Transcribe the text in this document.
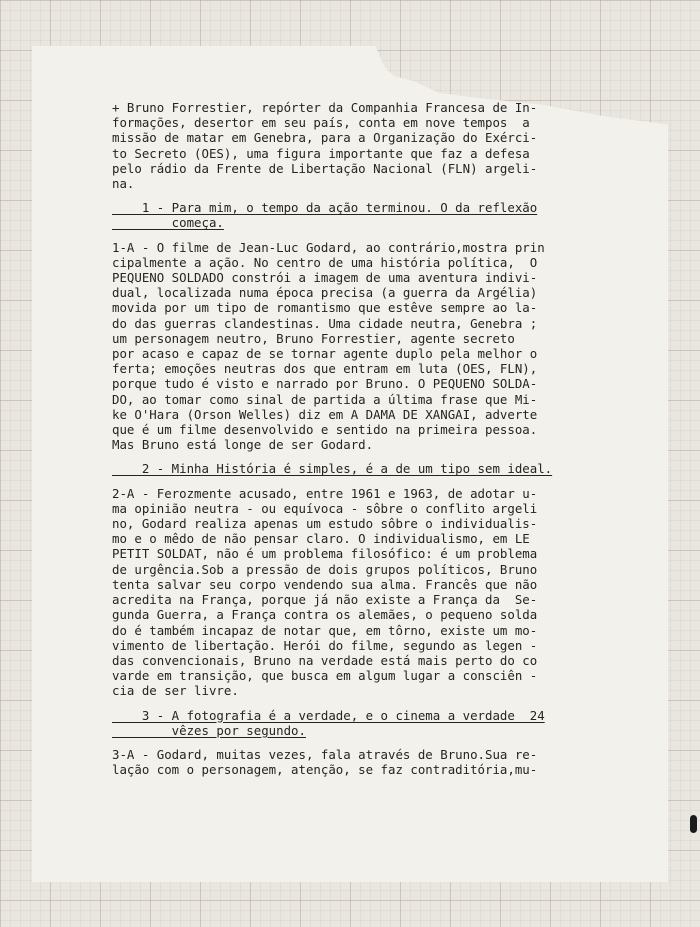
+ Bruno Forrestier, repórter da Companhia Francesa de In-
formações, desertor em seu país, conta em nove tempos  a
missão de matar em Genebra, para a Organização do Exérci-
to Secreto (OES), uma figura importante que faz a defesa
pelo rádio da Frente de Libertação Nacional (FLN) argeli-
na.
1 - Para mim, o tempo da ação terminou. O da reflexão
começa.
1-A - O filme de Jean-Luc Godard, ao contrário,mostra prin
cipalmente a ação. No centro de uma história política,  O
PEQUENO SOLDADO constrói a imagem de uma aventura indivi-
dual, localizada numa época precisa (a guerra da Argélia)
movida por um tipo de romantismo que estêve sempre ao la-
do das guerras clandestinas. Uma cidade neutra, Genebra ;
um personagem neutro, Bruno Forrestier, agente secreto
por acaso e capaz de se tornar agente duplo pela melhor o
ferta; emoções neutras dos que entram em luta (OES, FLN),
porque tudo é visto e narrado por Bruno. O PEQUENO SOLDA-
DO, ao tomar como sinal de partida a última frase que Mi-
ke O'Hara (Orson Welles) diz em A DAMA DE XANGAI, adverte
que é um filme desenvolvido e sentido na primeira pessoa.
Mas Bruno está longe de ser Godard.
2 - Minha História é simples, é a de um tipo sem ideal.
2-A - Ferozmente acusado, entre 1961 e 1963, de adotar u-
ma opinião neutra - ou equívoca - sôbre o conflito argeli
no, Godard realiza apenas um estudo sôbre o individualis-
mo e o mêdo de não pensar claro. O individualismo, em LE
PETIT SOLDAT, não é um problema filosófico: é um problema
de urgência.Sob a pressão de dois grupos políticos, Bruno
tenta salvar seu corpo vendendo sua alma. Francês que não
acredita na França, porque já não existe a França da  Se-
gunda Guerra, a França contra os alemães, o pequeno solda
do é também incapaz de notar que, em tôrno, existe um mo-
vimento de libertação. Herói do filme, segundo as legen -
das convencionais, Bruno na verdade está mais perto do co
varde em transição, que busca em algum lugar a consciên -
cia de ser livre.
3 - A fotografia é a verdade, e o cinema a verdade  24
vêzes por segundo.
3-A - Godard, muitas vezes, fala através de Bruno.Sua re-
lação com o personagem, atenção, se faz contraditória,mu-
